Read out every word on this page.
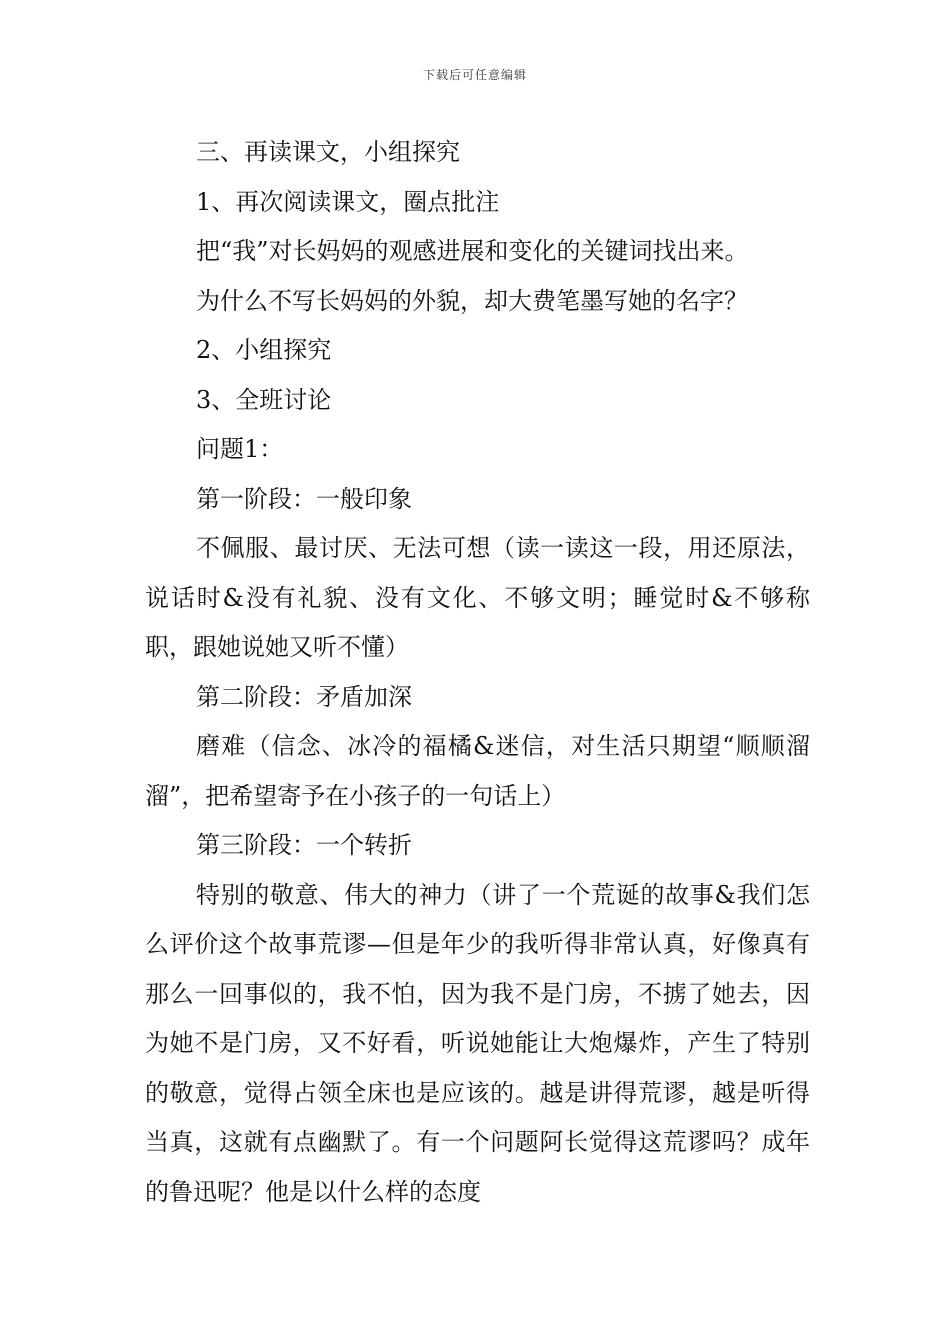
下载后可任意编辑

三、再读课文，小组探究

1、再次阅读课文，圈点批注

把“我”对长妈妈的观感进展和变化的关键词找出来。

为什么不写长妈妈的外貌，却大费笔墨写她的名字？

2、小组探究

3、全班讨论

问题1：

第一阶段：一般印象

不佩服、最讨厌、无法可想（读一读这一段，用还原法，说话时&没有礼貌、没有文化、不够文明；睡觉时&不够称职，跟她说她又听不懂）

第二阶段：矛盾加深

磨难（信念、冰冷的福橘&迷信，对生活只期望“顺顺溜溜”，把希望寄予在小孩子的一句话上）

第三阶段：一个转折

特别的敬意、伟大的神力（讲了一个荒诞的故事&我们怎么评价这个故事荒谬—但是年少的我听得非常认真，好像真有那么一回事似的，我不怕，因为我不是门房，不掳了她去，因为她不是门房，又不好看，听说她能让大炮爆炸，产生了特别的敬意，觉得占领全床也是应该的。越是讲得荒谬，越是听得当真，这就有点幽默了。有一个问题阿长觉得这荒谬吗？成年的鲁迅呢？他是以什么样的态度
